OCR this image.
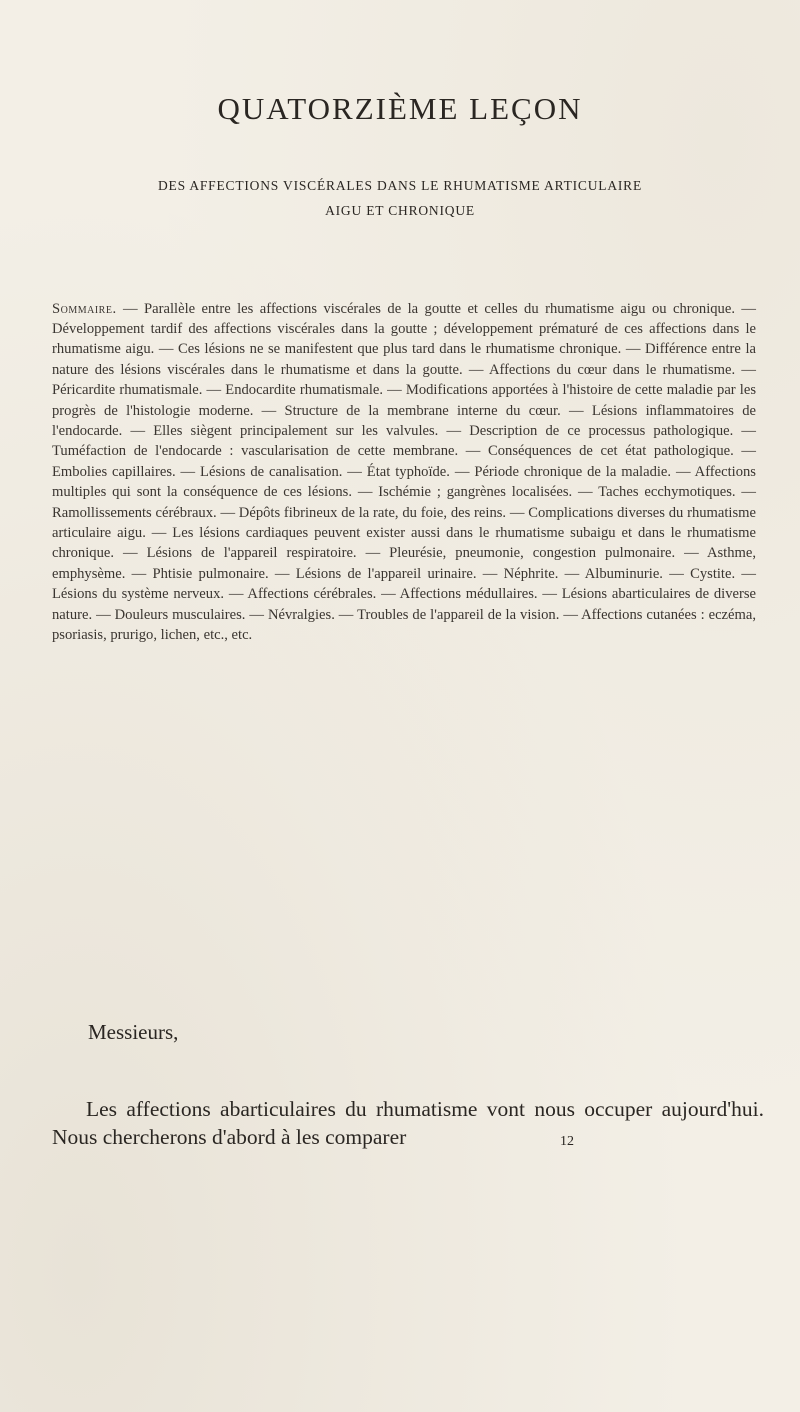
QUATORZIÈME LEÇON
DES AFFECTIONS VISCÉRALES DANS LE RHUMATISME ARTICULAIRE
AIGU ET CHRONIQUE

Sommaire. — Parallèle entre les affections viscérales de la goutte et celles du rhumatisme aigu ou chronique. — Développement tardif des affections viscérales dans la goutte ; développement prématuré de ces affections dans le rhumatisme aigu. — Ces lésions ne se manifestent que plus tard dans le rhumatisme chronique. — Différence entre la nature des lésions viscérales dans le rhumatisme et dans la goutte. — Affections du cœur dans le rhumatisme. — Péricardite rhumatismale. — Endocardite rhumatismale. — Modifications apportées à l'histoire de cette maladie par les progrès de l'histologie moderne. — Structure de la membrane interne du cœur. — Lésions inflammatoires de l'endocarde. — Elles siègent principalement sur les valvules. — Description de ce processus pathologique. — Tuméfaction de l'endocarde : vascularisation de cette membrane. — Conséquences de cet état pathologique. — Embolies capillaires. — Lésions de canalisation. — État typhoïde. — Période chronique de la maladie. — Affections multiples qui sont la conséquence de ces lésions. — Ischémie ; gangrènes localisées. — Taches ecchymotiques. — Ramollissements cérébraux. — Dépôts fibrineux de la rate, du foie, des reins. — Complications diverses du rhumatisme articulaire aigu. — Les lésions cardiaques peuvent exister aussi dans le rhumatisme subaigu et dans le rhumatisme chronique. — Lésions de l'appareil respiratoire. — Pleurésie, pneumonie, congestion pulmonaire. — Asthme, emphysème. — Phtisie pulmonaire. — Lésions de l'appareil urinaire. — Néphrite. — Albuminurie. — Cystite. — Lésions du système nerveux. — Affections cérébrales. — Affections médullaires. — Lésions abarticulaires de diverse nature. — Douleurs musculaires. — Névralgies. — Troubles de l'appareil de la vision. — Affections cutanées : eczéma, psoriasis, prurigo, lichen, etc., etc.

Messieurs,

Les affections abarticulaires du rhumatisme vont nous occuper aujourd'hui. Nous chercherons d'abord à les comparer	12
